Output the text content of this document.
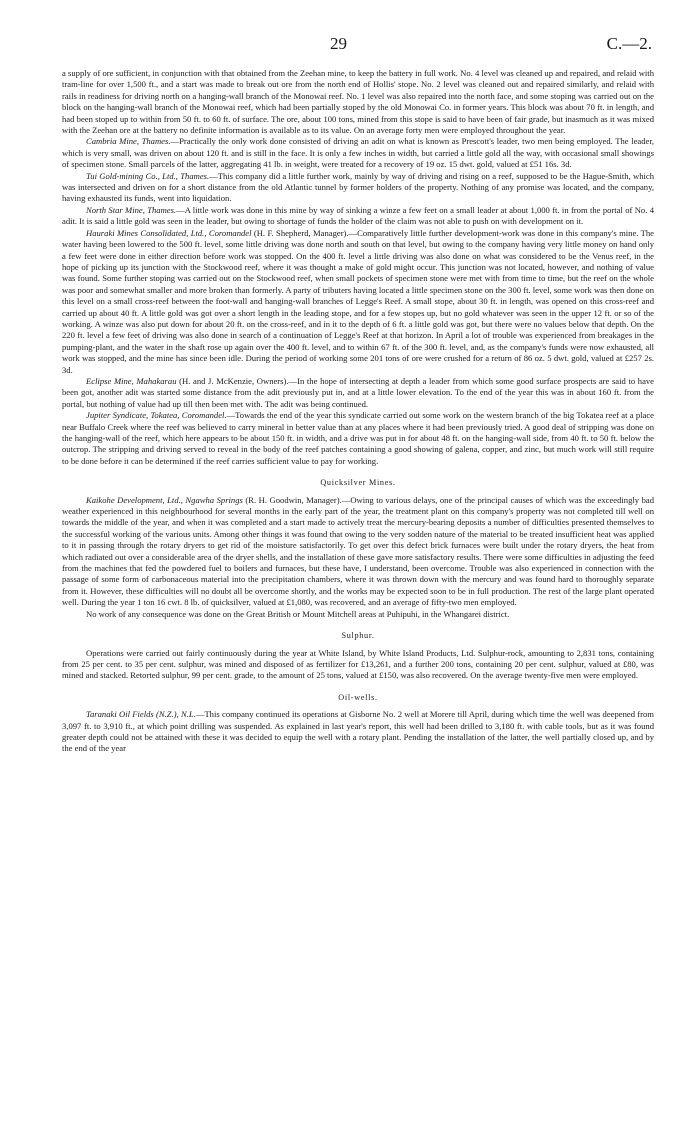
29	C.—2.

a supply of ore sufficient, in conjunction with that obtained from the Zeehan mine, to keep the battery in full work. No. 4 level was cleaned up and repaired, and relaid with tram-line for over 1,500 ft., and a start was made to break out ore from the north end of Hollis' stope. No. 2 level was cleaned out and repaired similarly, and relaid with rails in readiness for driving north on a hanging-wall branch of the Monowai reef. No. 1 level was also repaired into the north face, and some stoping was carried out on the block on the hanging-wall branch of the Monowai reef, which had been partially stoped by the old Monowai Co. in former years. This block was about 70 ft. in length, and had been stoped up to within from 50 ft. to 60 ft. of surface. The ore, about 100 tons, mined from this stope is said to have been of fair grade, but inasmuch as it was mixed with the Zeehan ore at the battery no definite information is available as to its value. On an average forty men were employed throughout the year.

Cambria Mine, Thames.—Practically the only work done consisted of driving an adit on what is known as Prescott's leader, two men being employed. The leader, which is very small, was driven on about 120 ft. and is still in the face. It is only a few inches in width, but carried a little gold all the way, with occasional small showings of specimen stone. Small parcels of the latter, aggregating 41 lb. in weight, were treated for a recovery of 19 oz. 15 dwt. gold, valued at £51 16s. 3d.

Tui Gold-mining Co., Ltd., Thames.—This company did a little further work, mainly by way of driving and rising on a reef, supposed to be the Hague-Smith, which was intersected and driven on for a short distance from the old Atlantic tunnel by former holders of the property. Nothing of any promise was located, and the company, having exhausted its funds, went into liquidation.

North Star Mine, Thames.—A little work was done in this mine by way of sinking a winze a few feet on a small leader at about 1,000 ft. in from the portal of No. 4 adit. It is said a little gold was seen in the leader, but owing to shortage of funds the holder of the claim was not able to push on with development on it.

Hauraki Mines Consolidated, Ltd., Coromandel (H. F. Shepherd, Manager).—Comparatively little further development-work was done in this company's mine. The water having been lowered to the 500 ft. level, some little driving was done north and south on that level, but owing to the company having very little money on hand only a few feet were done in either direction before work was stopped. On the 400 ft. level a little driving was also done on what was considered to be the Venus reef, in the hope of picking up its junction with the Stockwood reef, where it was thought a make of gold might occur. This junction was not located, however, and nothing of value was found. Some further stoping was carried out on the Stockwood reef, when small pockets of specimen stone were met with from time to time, but the reef on the whole was poor and somewhat smaller and more broken than formerly. A party of tributers having located a little specimen stone on the 300 ft. level, some work was then done on this level on a small cross-reef between the foot-wall and hanging-wall branches of Legge's Reef. A small stope, about 30 ft. in length, was opened on this cross-reef and carried up about 40 ft. A little gold was got over a short length in the leading stope, and for a few stopes up, but no gold whatever was seen in the upper 12 ft. or so of the working. A winze was also put down for about 20 ft. on the cross-reef, and in it to the depth of 6 ft. a little gold was got, but there were no values below that depth. On the 220 ft. level a few feet of driving was also done in search of a continuation of Legge's Reef at that horizon. In April a lot of trouble was experienced from breakages in the pumping-plant, and the water in the shaft rose up again over the 400 ft. level, and to within 67 ft. of the 300 ft. level, and, as the company's funds were now exhausted, all work was stopped, and the mine has since been idle. During the period of working some 201 tons of ore were crushed for a return of 86 oz. 5 dwt. gold, valued at £257 2s. 3d.

Eclipse Mine, Mahakarau (H. and J. McKenzie, Owners).—In the hope of intersecting at depth a leader from which some good surface prospects are said to have been got, another adit was started some distance from the adit previously put in, and at a little lower elevation. To the end of the year this was in about 160 ft. from the portal, but nothing of value had up till then been met with. The adit was being continued.

Jupiter Syndicate, Tokatea, Coromandel.—Towards the end of the year this syndicate carried out some work on the western branch of the big Tokatea reef at a place near Buffalo Creek where the reef was believed to carry mineral in better value than at any places where it had been previously tried. A good deal of stripping was done on the hanging-wall of the reef, which here appears to be about 150 ft. in width, and a drive was put in for about 48 ft. on the hanging-wall side, from 40 ft. to 50 ft. below the outcrop. The stripping and driving served to reveal in the body of the reef patches containing a good showing of galena, copper, and zinc, but much work will still require to be done before it can be determined if the reef carries sufficient value to pay for working.

Quicksilver Mines.

Kaikohe Development, Ltd., Ngawha Springs (R. H. Goodwin, Manager).—Owing to various delays, one of the principal causes of which was the exceedingly bad weather experienced in this neighbourhood for several months in the early part of the year, the treatment plant on this company's property was not completed till well on towards the middle of the year, and when it was completed and a start made to actively treat the mercury-bearing deposits a number of difficulties presented themselves to the successful working of the various units. Among other things it was found that owing to the very sodden nature of the material to be treated insufficient heat was applied to it in passing through the rotary dryers to get rid of the moisture satisfactorily. To get over this defect brick furnaces were built under the rotary dryers, the heat from which radiated out over a considerable area of the dryer shells, and the installation of these gave more satisfactory results. There were some difficulties in adjusting the feed from the machines that fed the powdered fuel to boilers and furnaces, but these have, I understand, been overcome. Trouble was also experienced in connection with the passage of some form of carbonaceous material into the precipitation chambers, where it was thrown down with the mercury and was found hard to thoroughly separate from it. However, these difficulties will no doubt all be overcome shortly, and the works may be expected soon to be in full production. The rest of the large plant operated well. During the year 1 ton 16 cwt. 8 lb. of quicksilver, valued at £1,080, was recovered, and an average of fifty-two men employed.

No work of any consequence was done on the Great British or Mount Mitchell areas at Puhipuhi, in the Whangarei district.

Sulphur.

Operations were carried out fairly continuously during the year at White Island, by White Island Products, Ltd. Sulphur-rock, amounting to 2,831 tons, containing from 25 per cent. to 35 per cent. sulphur, was mined and disposed of as fertilizer for £13,261, and a further 200 tons, containing 20 per cent. sulphur, valued at £80, was mined and stacked. Retorted sulphur, 99 per cent. grade, to the amount of 25 tons, valued at £150, was also recovered. On the average twenty-five men were employed.

Oil-wells.

Taranaki Oil Fields (N.Z.), N.L.—This company continued its operations at Gisborne No. 2 well at Morere till April, during which time the well was deepened from 3,097 ft. to 3,910 ft., at which point drilling was suspended. As explained in last year's report, this well had been drilled to 3,180 ft. with cable tools, but as it was found greater depth could not be attained with these it was decided to equip the well with a rotary plant. Pending the installation of the latter, the well partially closed up, and by the end of the year
